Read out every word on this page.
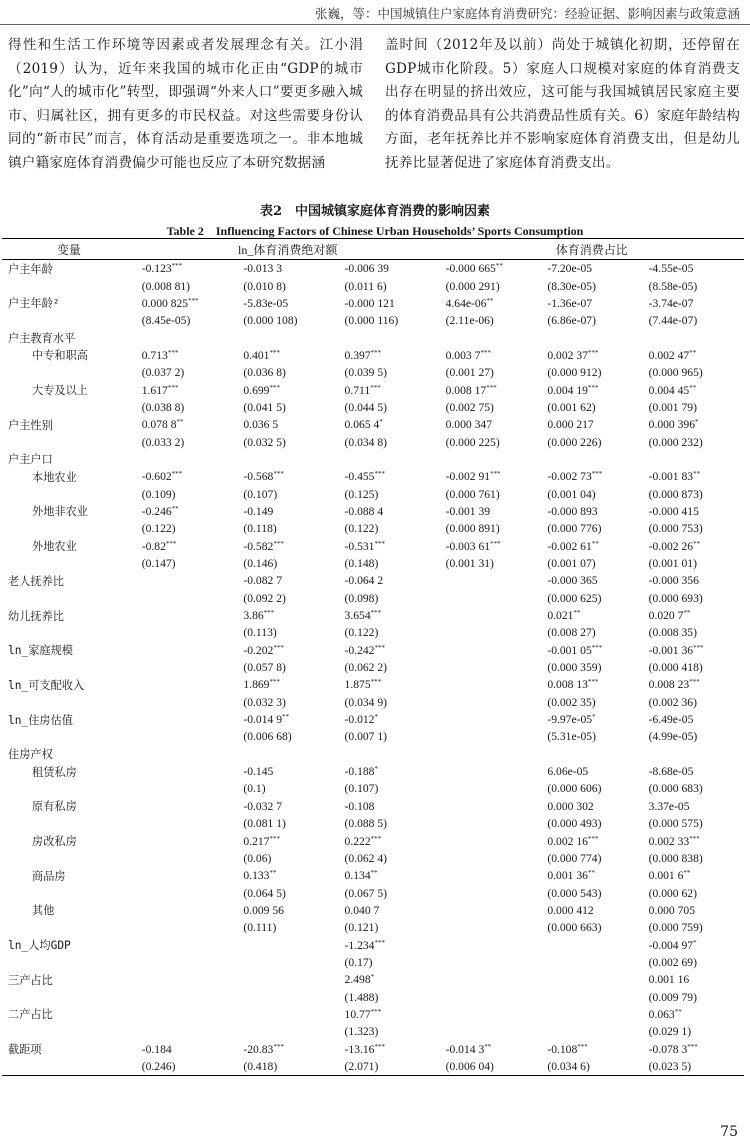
张巍，等：中国城镇住户家庭体育消费研究：经验证据、影响因素与政策意涵
得性和生活工作环境等因素或者发展理念有关。江小涓（2019）认为，近年来我国的城市化正由“GDP的城市化”向“人的城市化”转型，即强调“外来人口”要更多融入城市、归属社区，拥有更多的市民权益。对这些需要身份认同的“新市民”而言，体育活动是重要选项之一。非本地城镇户籍家庭体育消费偏少可能也反应了本研究数据涵
盖时间（2012年及以前）尚处于城镇化初期，还停留在GDP城市化阶段。5）家庭人口规模对家庭的体育消费支出存在明显的挤出效应，这可能与我国城镇居民家庭主要的体育消费品具有公共消费品性质有关。6）家庭年龄结构方面，老年抚养比并不影响家庭体育消费支出，但是幼儿抚养比显著促进了家庭体育消费支出。
表2　中国城镇家庭体育消费的影响因素
Table 2　Influencing Factors of Chinese Urban Households’ Sports Consumption
变量	ln_体育消费绝对额			体育消费占比		
户主年龄	-0.123***	-0.013 3	-0.006 39	-0.000 665**	-7.20e-05	-4.55e-05
	(0.008 81)	(0.010 8)	(0.011 6)	(0.000 291)	(8.30e-05)	(8.58e-05)
户主年龄²	0.000 825***	-5.83e-05	-0.000 121	4.64e-06**	-1.36e-07	-3.74e-07
	(8.45e-05)	(0.000 108)	(0.000 116)	(2.11e-06)	(6.86e-07)	(7.44e-07)
户主教育水平						
中专和职高	0.713***	0.401***	0.397***	0.003 7***	0.002 37***	0.002 47**
	(0.037 2)	(0.036 8)	(0.039 5)	(0.001 27)	(0.000 912)	(0.000 965)
大专及以上	1.617***	0.699***	0.711***	0.008 17***	0.004 19***	0.004 45**
	(0.038 8)	(0.041 5)	(0.044 5)	(0.002 75)	(0.001 62)	(0.001 79)
户主性别	0.078 8**	0.036 5	0.065 4*	0.000 347	0.000 217	0.000 396*
	(0.033 2)	(0.032 5)	(0.034 8)	(0.000 225)	(0.000 226)	(0.000 232)
户主户口						
本地农业	-0.602***	-0.568***	-0.455***	-0.002 91***	-0.002 73***	-0.001 83**
	(0.109)	(0.107)	(0.125)	(0.000 761)	(0.001 04)	(0.000 873)
外地非农业	-0.246**	-0.149	-0.088 4	-0.001 39	-0.000 893	-0.000 415
	(0.122)	(0.118)	(0.122)	(0.000 891)	(0.000 776)	(0.000 753)
外地农业	-0.82***	-0.582***	-0.531***	-0.003 61***	-0.002 61**	-0.002 26**
	(0.147)	(0.146)	(0.148)	(0.001 31)	(0.001 07)	(0.001 01)
老人抚养比		-0.082 7	-0.064 2		-0.000 365	-0.000 356
		(0.092 2)	(0.098)		(0.000 625)	(0.000 693)
幼儿抚养比		3.86***	3.654***		0.021**	0.020 7**
		(0.113)	(0.122)		(0.008 27)	(0.008 35)
ln_家庭规模		-0.202***	-0.242***		-0.001 05***	-0.001 36***
		(0.057 8)	(0.062 2)		(0.000 359)	(0.000 418)
ln_可支配收入		1.869***	1.875***		0.008 13***	0.008 23***
		(0.032 3)	(0.034 9)		(0.002 35)	(0.002 36)
ln_住房估值		-0.014 9**	-0.012*		-9.97e-05*	-6.49e-05
		(0.006 68)	(0.007 1)		(5.31e-05)	(4.99e-05)
住房产权						
租赁私房		-0.145	-0.188*		6.06e-05	-8.68e-05
		(0.1)	(0.107)		(0.000 606)	(0.000 683)
原有私房		-0.032 7	-0.108		0.000 302	3.37e-05
		(0.081 1)	(0.088 5)		(0.000 493)	(0.000 575)
房改私房		0.217***	0.222***		0.002 16***	0.002 33***
		(0.06)	(0.062 4)		(0.000 774)	(0.000 838)
商品房		0.133**	0.134**		0.001 36**	0.001 6**
		(0.064 5)	(0.067 5)		(0.000 543)	(0.000 62)
其他		0.009 56	0.040 7		0.000 412	0.000 705
		(0.111)	(0.121)		(0.000 663)	(0.000 759)
ln_人均GDP			-1.234***			-0.004 97*
			(0.17)			(0.002 69)
三产占比			2.498*			0.001 16
			(1.488)			(0.009 79)
二产占比			10.77***			0.063**
			(1.323)			(0.029 1)
截距项	-0.184	-20.83***	-13.16***	-0.014 3**	-0.108***	-0.078 3***
	(0.246)	(0.418)	(2.071)	(0.006 04)	(0.034 6)	(0.023 5)
75
